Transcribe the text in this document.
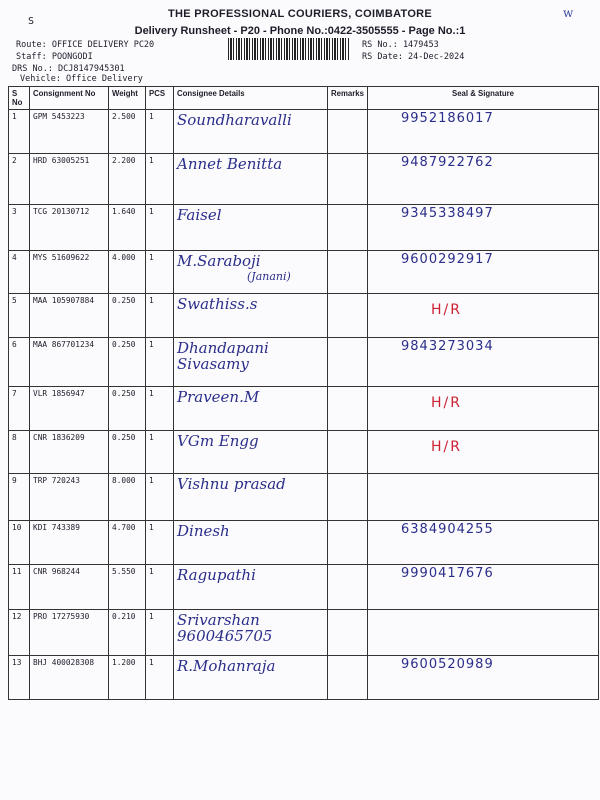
S
w
THE PROFESSIONAL COURIERS, COIMBATORE
Delivery Runsheet - P20 - Phone No.:0422-3505555 - Page No.:1
Route: OFFICE DELIVERY PC20
Staff: POONGODI
DRS No.: DCJ8147945301
Vehicle: Office Delivery
RS No.: 1479453
RS Date: 24-Dec-2024
S No	Consignment No	Weight	PCS	Consignee Details	Remarks	Seal & Signature
1	GPM 5453223	2.500	1	Soundharavalli		9952186017

2	HRD 63005251	2.200	1	Annet Benitta		9487922762

3	TCG 20130712	1.640	1	Faisel		9345338497

4	MYS 51609622	4.000	1	M.Saraboji
(Janani)		9600292917

5	MAA 105907884	0.250	1	Swathiss.s		H/R

6	MAA 867701234	0.250	1	Dhandapani
Sivasamy		9843273034

7	VLR 1856947	0.250	1	Praveen.M		H/R

8	CNR 1836209	0.250	1	VGm Engg		H/R

9	TRP 720243	8.000	1	Vishnu prasad		

10	KDI 743389	4.700	1	Dinesh		6384904255

11	CNR 968244	5.550	1	Ragupathi		9990417676

12	PRO 17275930	0.210	1	Srivarshan
9600465705		

13	BHJ 400028308	1.200	1	R.Mohanraja		9600520989
